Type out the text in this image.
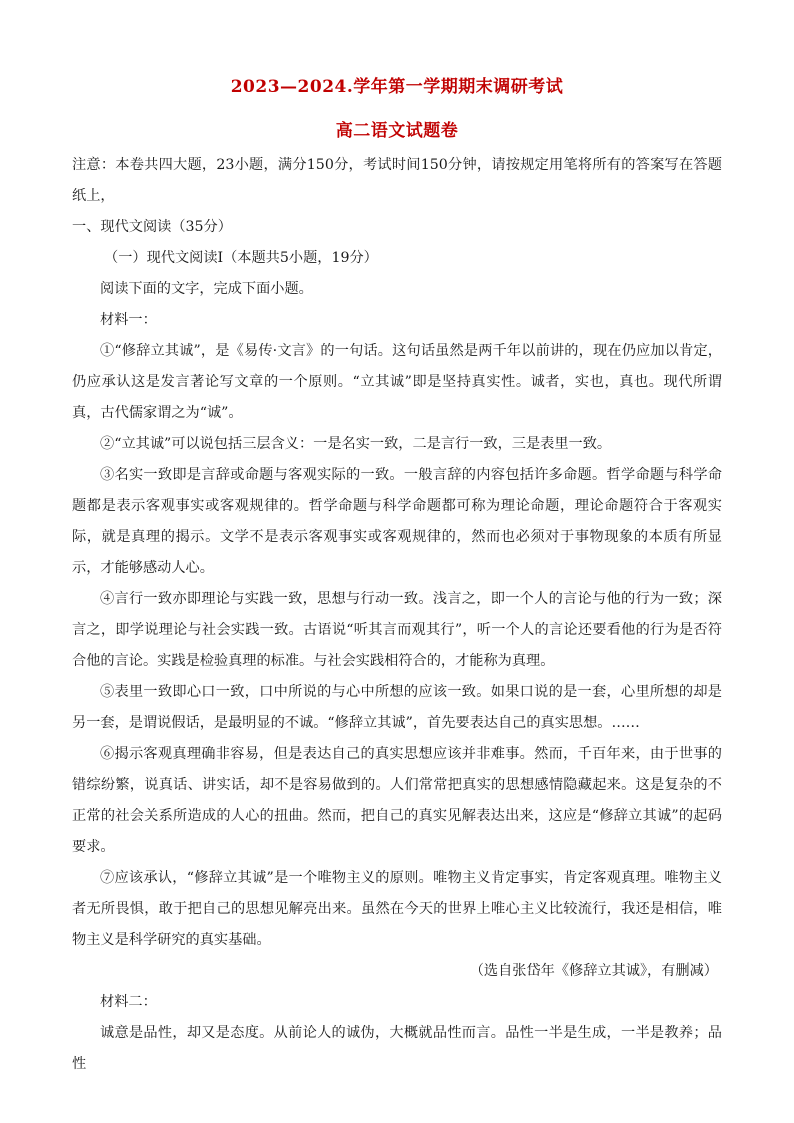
2023—2024.学年第一学期期末调研考试
高二语文试题卷

注意：本卷共四大题，23小题，满分150分，考试时间150分钟，请按规定用笔将所有的答案写在答题纸上，

一、现代文阅读（35分）

（一）现代文阅读Ⅰ（本题共5小题，19分）

阅读下面的文字，完成下面小题。

材料一：

①“修辞立其诚”，是《易传·文言》的一句话。这句话虽然是两千年以前讲的，现在仍应加以肯定，仍应承认这是发言著论写文章的一个原则。“立其诚”即是坚持真实性。诚者，实也，真也。现代所谓真，古代儒家谓之为“诚”。

②“立其诚”可以说包括三层含义：一是名实一致，二是言行一致，三是表里一致。

③名实一致即是言辞或命题与客观实际的一致。一般言辞的内容包括许多命题。哲学命题与科学命题都是表示客观事实或客观规律的。哲学命题与科学命题都可称为理论命题，理论命题符合于客观实际，就是真理的揭示。文学不是表示客观事实或客观规律的，然而也必须对于事物现象的本质有所显示，才能够感动人心。

④言行一致亦即理论与实践一致，思想与行动一致。浅言之，即一个人的言论与他的行为一致；深言之，即学说理论与社会实践一致。古语说“听其言而观其行”，听一个人的言论还要看他的行为是否符合他的言论。实践是检验真理的标准。与社会实践相符合的，才能称为真理。

⑤表里一致即心口一致，口中所说的与心中所想的应该一致。如果口说的是一套，心里所想的却是另一套，是谓说假话，是最明显的不诚。“修辞立其诚”，首先要表达自己的真实思想。……

⑥揭示客观真理确非容易，但是表达自己的真实思想应该并非难事。然而，千百年来，由于世事的错综纷繁，说真话、讲实话，却不是容易做到的。人们常常把真实的思想感情隐藏起来。这是复杂的不正常的社会关系所造成的人心的扭曲。然而，把自己的真实见解表达出来，这应是“修辞立其诚”的起码要求。

⑦应该承认，“修辞立其诚”是一个唯物主义的原则。唯物主义肯定事实，肯定客观真理。唯物主义者无所畏惧，敢于把自己的思想见解亮出来。虽然在今天的世界上唯心主义比较流行，我还是相信，唯物主义是科学研究的真实基础。

（选自张岱年《修辞立其诚》，有删减）

材料二：

诚意是品性，却又是态度。从前论人的诚伪，大概就品性而言。品性一半是生成，一半是教养；品性
